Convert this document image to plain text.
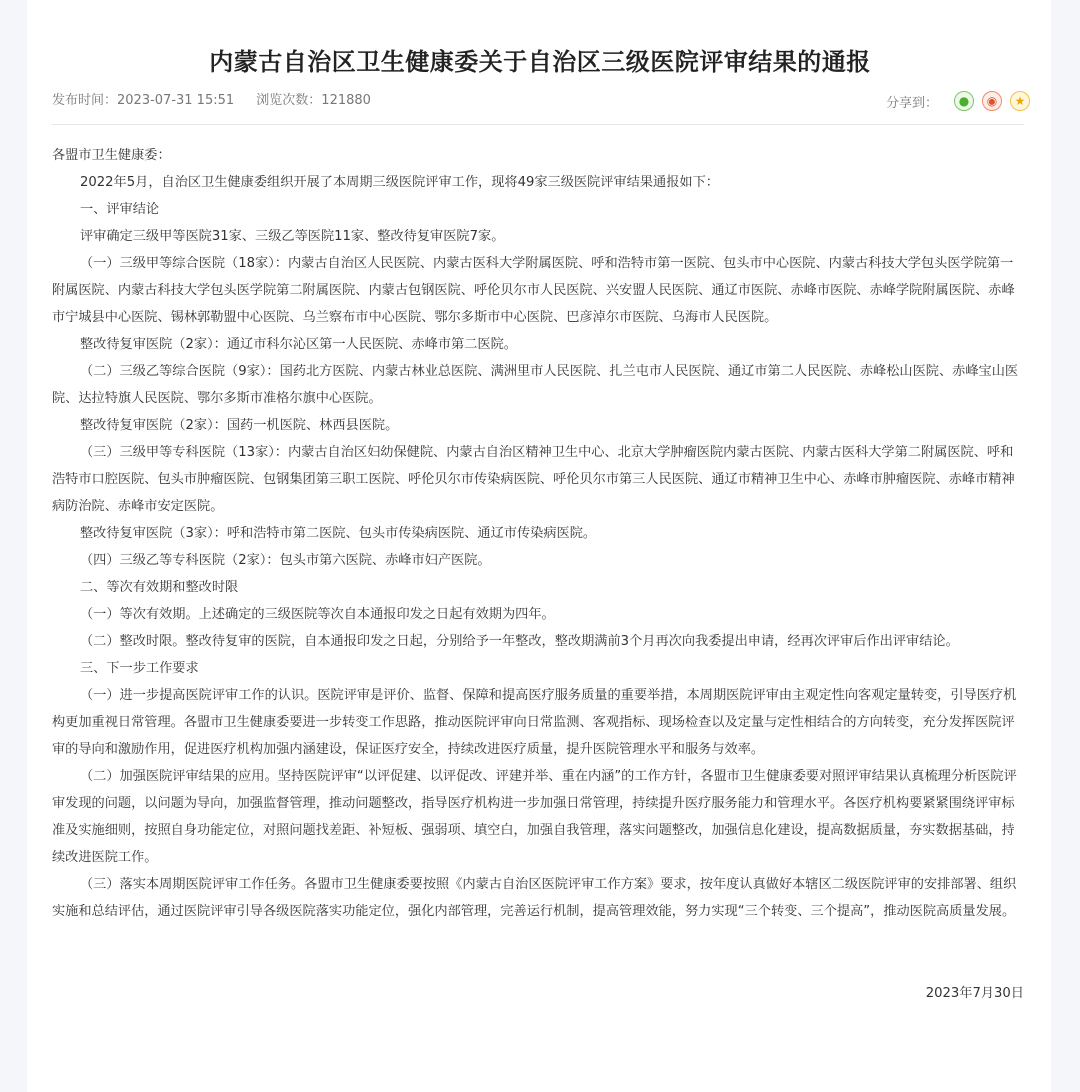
内蒙古自治区卫生健康委关于自治区三级医院评审结果的通报
发布时间：2023-07-31 15:51 浏览次数：121880	分享到：	●	◉	★

各盟市卫生健康委：

2022年5月，自治区卫生健康委组织开展了本周期三级医院评审工作，现将49家三级医院评审结果通报如下：

一、评审结论

评审确定三级甲等医院31家、三级乙等医院11家、整改待复审医院7家。

（一）三级甲等综合医院（18家）：内蒙古自治区人民医院、内蒙古医科大学附属医院、呼和浩特市第一医院、包头市中心医院、内蒙古科技大学包头医学院第一附属医院、内蒙古科技大学包头医学院第二附属医院、内蒙古包钢医院、呼伦贝尔市人民医院、兴安盟人民医院、通辽市医院、赤峰市医院、赤峰学院附属医院、赤峰市宁城县中心医院、锡林郭勒盟中心医院、乌兰察布市中心医院、鄂尔多斯市中心医院、巴彦淖尔市医院、乌海市人民医院。

整改待复审医院（2家）：通辽市科尔沁区第一人民医院、赤峰市第二医院。

（二）三级乙等综合医院（9家）：国药北方医院、内蒙古林业总医院、满洲里市人民医院、扎兰屯市人民医院、通辽市第二人民医院、赤峰松山医院、赤峰宝山医院、达拉特旗人民医院、鄂尔多斯市准格尔旗中心医院。

整改待复审医院（2家）：国药一机医院、林西县医院。

（三）三级甲等专科医院（13家）：内蒙古自治区妇幼保健院、内蒙古自治区精神卫生中心、北京大学肿瘤医院内蒙古医院、内蒙古医科大学第二附属医院、呼和浩特市口腔医院、包头市肿瘤医院、包钢集团第三职工医院、呼伦贝尔市传染病医院、呼伦贝尔市第三人民医院、通辽市精神卫生中心、赤峰市肿瘤医院、赤峰市精神病防治院、赤峰市安定医院。

整改待复审医院（3家）：呼和浩特市第二医院、包头市传染病医院、通辽市传染病医院。

（四）三级乙等专科医院（2家）：包头市第六医院、赤峰市妇产医院。

二、等次有效期和整改时限

（一）等次有效期。上述确定的三级医院等次自本通报印发之日起有效期为四年。

（二）整改时限。整改待复审的医院，自本通报印发之日起，分别给予一年整改，整改期满前3个月再次向我委提出申请，经再次评审后作出评审结论。

三、下一步工作要求

（一）进一步提高医院评审工作的认识。医院评审是评价、监督、保障和提高医疗服务质量的重要举措，本周期医院评审由主观定性向客观定量转变，引导医疗机构更加重视日常管理。各盟市卫生健康委要进一步转变工作思路，推动医院评审向日常监测、客观指标、现场检查以及定量与定性相结合的方向转变，充分发挥医院评审的导向和激励作用，促进医疗机构加强内涵建设，保证医疗安全，持续改进医疗质量，提升医院管理水平和服务与效率。

（二）加强医院评审结果的应用。坚持医院评审“以评促建、以评促改、评建并举、重在内涵”的工作方针，各盟市卫生健康委要对照评审结果认真梳理分析医院评审发现的问题，以问题为导向，加强监督管理，推动问题整改，指导医疗机构进一步加强日常管理，持续提升医疗服务能力和管理水平。各医疗机构要紧紧围绕评审标准及实施细则，按照自身功能定位，对照问题找差距、补短板、强弱项、填空白，加强自我管理，落实问题整改，加强信息化建设，提高数据质量，夯实数据基础，持续改进医院工作。

（三）落实本周期医院评审工作任务。各盟市卫生健康委要按照《内蒙古自治区医院评审工作方案》要求，按年度认真做好本辖区二级医院评审的安排部署、组织实施和总结评估，通过医院评审引导各级医院落实功能定位，强化内部管理，完善运行机制，提高管理效能，努力实现“三个转变、三个提高”，推动医院高质量发展。

2023年7月30日
